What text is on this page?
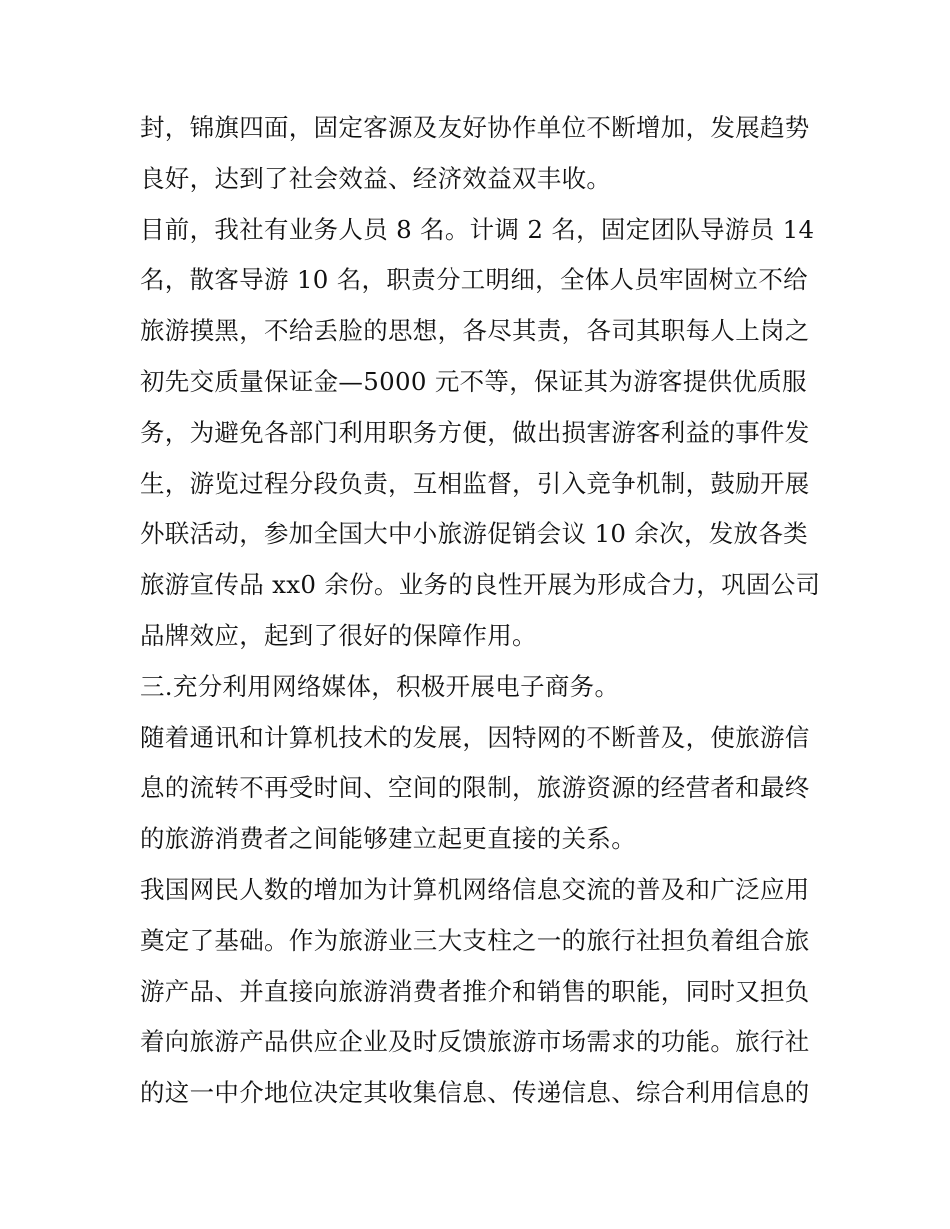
封，锦旗四面，固定客源及友好协作单位不断增加，发展趋势
良好，达到了社会效益、经济效益双丰收。
目前，我社有业务人员 8 名。计调 2 名，固定团队导游员 14
名，散客导游 10 名，职责分工明细，全体人员牢固树立不给
旅游摸黑，不给丢脸的思想，各尽其责，各司其职每人上岗之
初先交质量保证金—5000 元不等，保证其为游客提供优质服
务，为避免各部门利用职务方便，做出损害游客利益的事件发
生，游览过程分段负责，互相监督，引入竞争机制，鼓励开展
外联活动，参加全国大中小旅游促销会议 10 余次，发放各类
旅游宣传品 xx0 余份。业务的良性开展为形成合力，巩固公司
品牌效应，起到了很好的保障作用。
三.充分利用网络媒体，积极开展电子商务。
随着通讯和计算机技术的发展，因特网的不断普及，使旅游信
息的流转不再受时间、空间的限制，旅游资源的经营者和最终
的旅游消费者之间能够建立起更直接的关系。
我国网民人数的增加为计算机网络信息交流的普及和广泛应用
奠定了基础。作为旅游业三大支柱之一的旅行社担负着组合旅
游产品、并直接向旅游消费者推介和销售的职能，同时又担负
着向旅游产品供应企业及时反馈旅游市场需求的功能。旅行社
的这一中介地位决定其收集信息、传递信息、综合利用信息的
